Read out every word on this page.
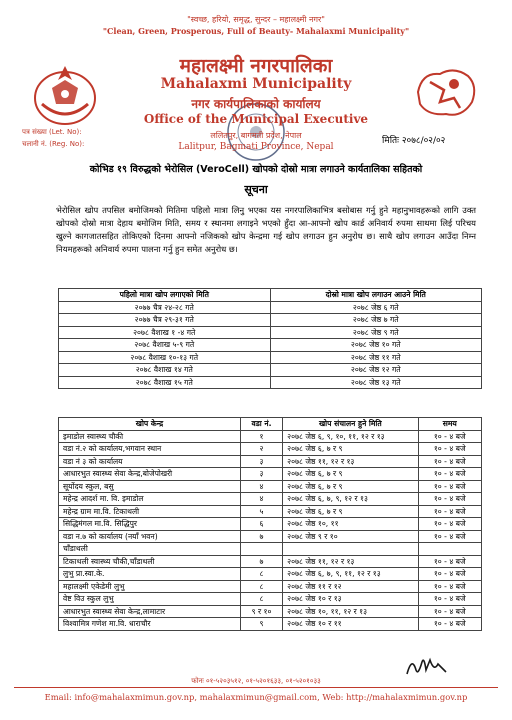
"स्वच्छ, हरियो, समृद्ध, सुन्दर – महालक्ष्मी नगर"
"Clean, Green, Prosperous, Full of Beauty- Mahalaxmi Municipality"
महालक्ष्मी नगरपालिका
Mahalaxmi Municipality
नगर कार्यपालिकाको कार्यालय
Office of the Municipal Executive
ललितपुर, बागमती प्रदेश, नेपाल
Lalitpur, Bagmati Province, Nepal
पत्र संख्या (Let. No):
चलानी नं. (Reg. No):	मितिः २०७८/०२/०२
कोभिड १९ विरुद्धको भेरोसिल (VeroCell) खोपको दोस्रो मात्रा लगाउने कार्यतालिका सहितको
सूचना
भेरोसिल खोप तपसिल बमोजिमको मितिमा पहिलो मात्रा लिनु भएका यस नगरपालिकाभित्र बसोबास गर्नु हुने महानुभावहरूको लागि उक्त खोपको दोस्रो मात्रा देहाय बमोजिम मिति, समय र स्थानमा लगाइने भएको हुँदा आ-आफ्नो खोप कार्ड अनिवार्य रुपमा साथमा लिई परिचय खुल्ने कागजातसहित तोकिएको दिनमा आफ्नो नजिकको खोप केन्द्रमा गई खोप लगाउन हुन अनुरोध छ। साथै खोप लगाउन आउँदा निम्न नियमहरूको अनिवार्य रुपमा पालना गर्नु हुन समेत अनुरोध छ।
पहिलो मात्रा खोप लगाएको मिति	दोस्रो मात्रा खोप लगाउन आउने मिति
२०७७ चैत्र २४-२८ गते	२०७८ जेष्ठ ६ गते
२०७७ चैत्र २९-३१ गते	२०७८ जेष्ठ ७ गते
२०७८ वैशाख १ -४ गते	२०७८ जेष्ठ ९ गते
२०७८ वैशाख ५-९ गते	२०७८ जेष्ठ १० गते
२०७८ वैशाख १०-१३ गते	२०७८ जेष्ठ ११ गते
२०७८ वैशाख १४ गते	२०७८ जेष्ठ १२ गते
२०७८ वैशाख १५ गते	२०७८ जेष्ठ १३ गते
खोप केन्द्र	वडा नं.	खोप संचालन हुने मिति	समय
इमाडोल स्वास्थ्य चौकी	१	२०७८ जेष्ठ ६, ९, १०, ११, १२ र १३	१० - ४ बजे
वडा नं.२ को कार्यालय,भगवान स्थान	२	२०७८ जेष्ठ ६, ७ र ९	१० - ४ बजे
वडा नं ३ को कार्यालय	३	२०७८ जेष्ठ ११, १२ र १३	१० - ४ बजे
आधारभुत स्वास्थ्य सेवा केन्द्र,बोजेपोखरी	३	२०७८ जेष्ठ ६, ७ र ९	१० - ४ बजे
सूर्योदय स्कुल, बसु	४	२०७८ जेष्ठ ६, ७ र ९	१० - ४ बजे
महेन्द्र आदर्श मा. वि. इमाडोल	४	२०७८ जेष्ठ ६, ७, ९, १२ र १३	१० - ४ बजे
महेन्द्र ग्राम मा.वि. टिकाथली	५	२०७८ जेष्ठ ६, ७ र ९	१० - ४ बजे
सिद्धिमंगल मा.वि. सिद्धिपुर	६	२०७८ जेष्ठ १०, ११	१० - ४ बजे
वडा न.७ को कार्यालय (नयाँ भवन)	७	२०७८ जेष्ठ ९ र १०	१० - ४ बजे
चाँडाथली			
टिकाथली स्वास्थ्य चौकी,चाँडाथली	७	२०७८ जेष्ठ ११, १२ र १३	१० - ४ बजे
लुभु प्रा.स्वा.के.	८	२०७८ जेष्ठ ६, ७, ९, ११, १२ र १३	१० - ४ बजे
महालक्ष्मी एकेडेमी लुभु	८	२०७८ जेष्ठ ११ र १२	१० - ४ बजे
वेष्ट विउ स्कुल लुभु	८	२०७८ जेष्ठ १० र १३	१० - ४ बजे
आधारभुत स्वास्थ्य सेवा केन्द्र,लामाटार	९ र १०	२०७८ जेष्ठ १०, ११, १२ र १३	१० - ४ बजे
विश्वामित्र गणेश मा.वि. धाराचौर	९	२०७८ जेष्ठ १० र ११	१० - ४ बजे
फोनः ०१-५२०३५१२, ०१-५२०१६३३, ०१-५२०१०३३
Email: info@mahalaxmimun.gov.np, mahalaxmimun@gmail.com, Web: http://mahalaxmimun.gov.np
